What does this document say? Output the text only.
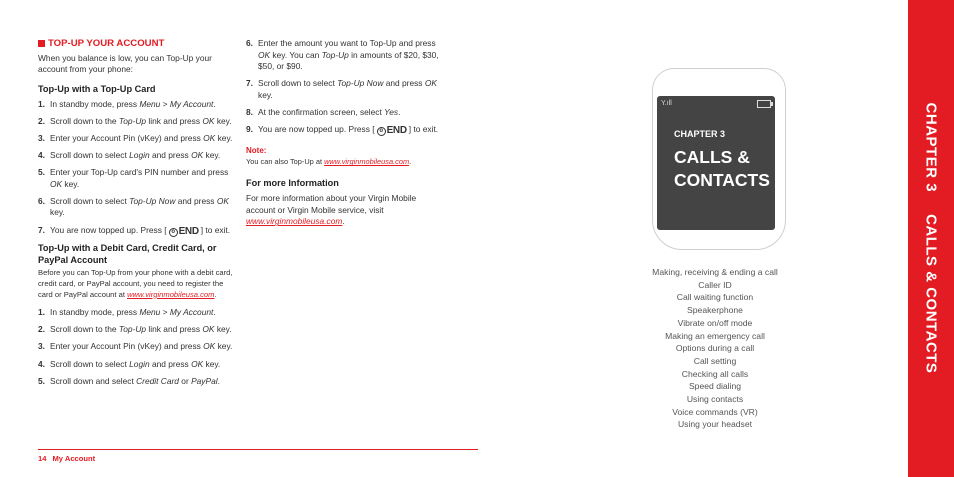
TOP-UP YOUR ACCOUNT

When you balance is low, you can Top-Up your account from your phone:

Top-Up with a Top-Up Card

1. In standby mode, press Menu > My Account.
2. Scroll down to the Top-Up link and press OK key.
3. Enter your Account Pin (vKey) and press OK key.
4. Scroll down to select Login and press OK key.
5. Enter your Top-Up card's PIN number and press OK key.
6. Scroll down to select Top-Up Now and press OK key.
7. You are now topped up. Press [ o END ] to exit.

Top-Up with a Debit Card, Credit Card, or PayPal Account

Before you can Top-Up from your phone with a debit card, credit card, or PayPal account, you need to register the card or PayPal account at www.virginmobileusa.com.

1. In standby mode, press Menu > My Account.
2. Scroll down to the Top-Up link and press OK key.
3. Enter your Account Pin (vKey) and press OK key.
4. Scroll down to select Login and press OK key.
5. Scroll down and select Credit Card or PayPal.
6. Enter the amount you want to Top-Up and press OK key. You can Top-Up in amounts of $20, $30, $50, or $90.
7. Scroll down to select Top-Up Now and press OK key.
8. At the confirmation screen, select Yes.
9. You are now topped up. Press [ o END ] to exit.

Note:

You can also Top-Up at www.virginmobileusa.com.

For more Information

For more information about your Virgin Mobile account or Virgin Mobile service, visit www.virginmobileusa.com.

14 My Account
Y.ıll
CHAPTER 3
CALLS & CONTACTS
Making, receiving & ending a call
Caller ID
Call waiting function
Speakerphone
Vibrate on/off mode
Making an emergency call
Options during a call
Call setting
Checking all calls
Speed dialing
Using contacts
Voice commands (VR)
Using your headset
CHAPTER 3CALLS & CONTACTS
